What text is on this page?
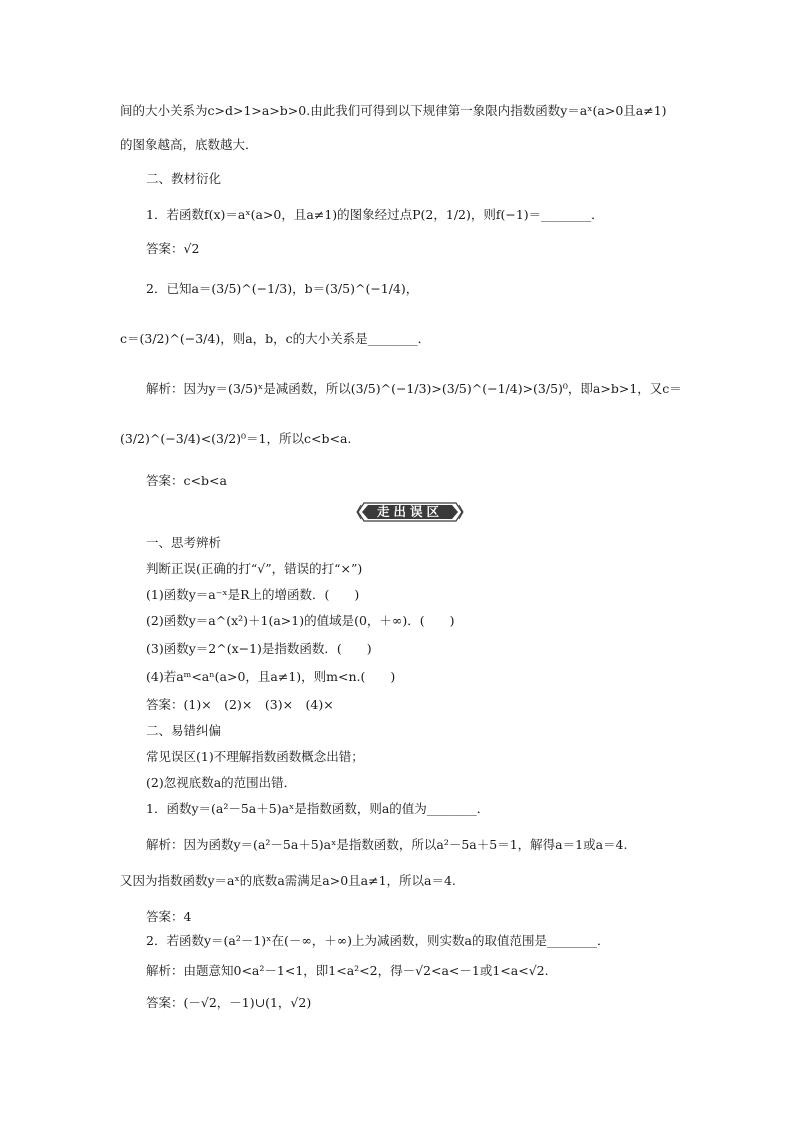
间的大小关系为c>d>1>a>b>0.由此我们可得到以下规律第一象限内指数函数y＝aˣ(a>0且a≠1)
的图象越高，底数越大．
二、教材衍化
1．若函数f(x)＝aˣ(a>0，且a≠1)的图象经过点P(2，1/2)，则f(−1)＝________．
答案：√2
2．已知a＝(3/5)^(−1/3)，b＝(3/5)^(−1/4)，
c＝(3/2)^(−3/4)，则a，b，c的大小关系是________．
解析：因为y＝(3/5)ˣ是减函数，所以(3/5)^(−1/3)>(3/5)^(−1/4)>(3/5)⁰，即a>b>1，又c＝
(3/2)^(−3/4)<(3/2)⁰＝1，所以c<b<a.
答案：c<b<a
走出误区
一、思考辨析
判断正误(正确的打“√”，错误的打“×”)
(1)函数y＝a⁻ˣ是R上的增函数．(　　)
(2)函数y＝a^(x²)＋1(a>1)的值域是(0，＋∞)．(　　)
(3)函数y＝2^(x−1)是指数函数．(　　)
(4)若aᵐ<aⁿ(a>0，且a≠1)，则m<n.(　　)
答案：(1)×　(2)×　(3)×　(4)×
二、易错纠偏
常见误区(1)不理解指数函数概念出错；
(2)忽视底数a的范围出错．
1．函数y＝(a²－5a＋5)aˣ是指数函数，则a的值为________．
解析：因为函数y＝(a²－5a＋5)aˣ是指数函数，所以a²－5a＋5＝1，解得a＝1或a＝4.
又因为指数函数y＝aˣ的底数a需满足a>0且a≠1，所以a＝4.
答案：4
2．若函数y＝(a²－1)ˣ在(－∞，＋∞)上为减函数，则实数a的取值范围是________．
解析：由题意知0<a²－1<1，即1<a²<2，得－√2<a<－1或1<a<√2.
答案：(－√2，－1)∪(1，√2)
